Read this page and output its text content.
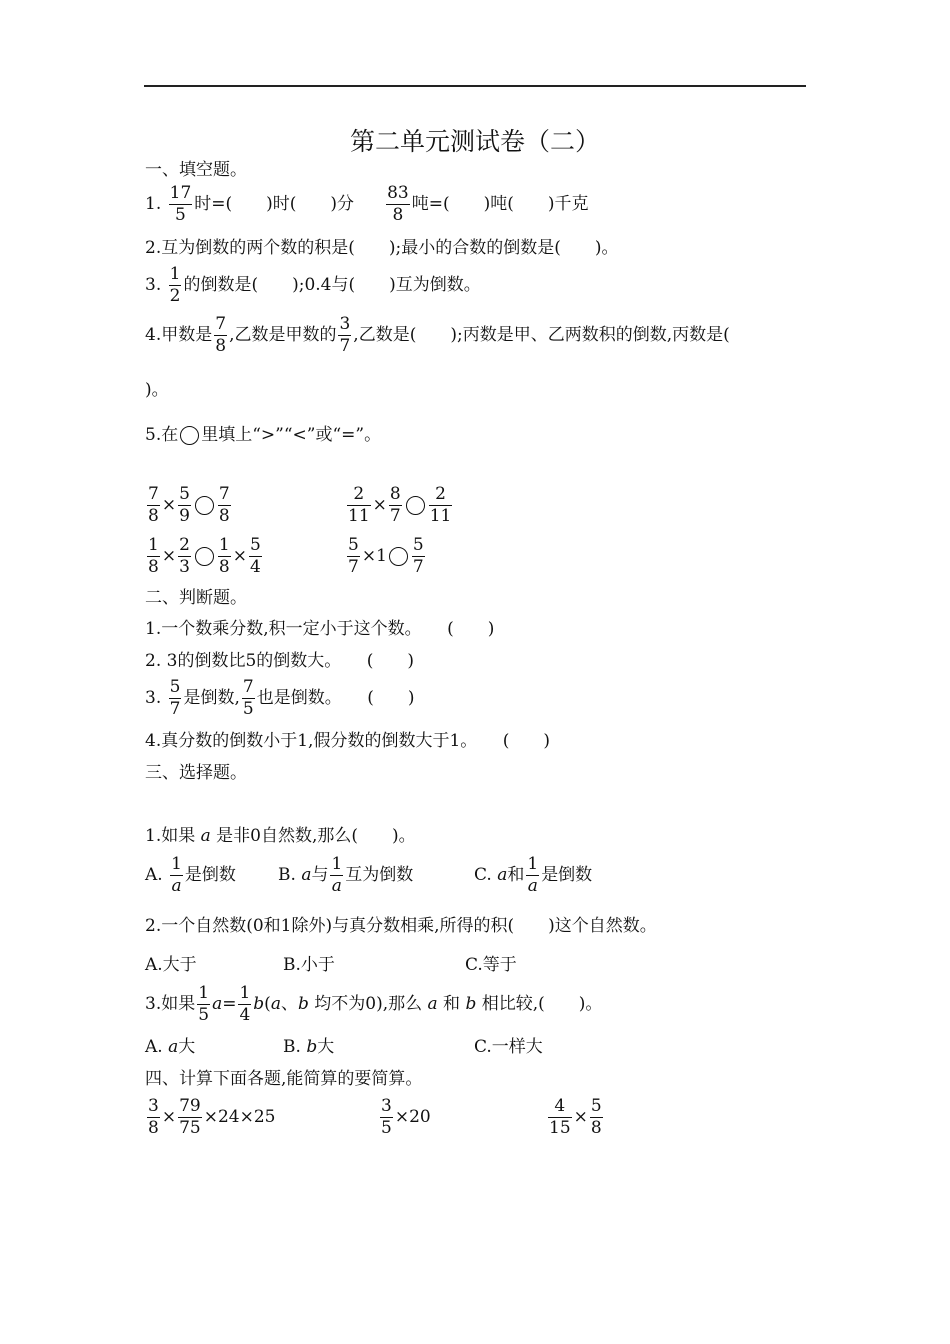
第二单元测试卷（二）
一、填空题。
1. $\frac{17}{5}$ 时=(　　)时(　　)分 $\frac{83}{8}$ 吨=(　　)吨(　　)千克
2.互为倒数的两个数的积是(　　);最小的合数的倒数是(　　)。
3. $\frac{1}{2}$ 的倒数是(　　);0.4与(　　)互为倒数。
4.甲数是 $\frac{7}{8}$ ,乙数是甲数的 $\frac{3}{7}$ ,乙数是(　　);丙数是甲、乙两数积的倒数,丙数是(
)。
5.在 里填上“>”“<”或“=”。
$\frac{7}{8} \times \frac{5}{9} \frac{7}{8}$	$\frac{2}{11} \times \frac{8}{7} \frac{2}{11}$
$\frac{1}{8} \times \frac{2}{3} \frac{1}{8} \times \frac{5}{4}$	$\frac{5}{7} \times 1 \frac{5}{7}$
二、判断题。
1.一个数乘分数,积一定小于这个数。　　(　　)
2. 3的倒数比5的倒数大。　　(　　)
3. $\frac{5}{7}$ 是倒数, $\frac{7}{5}$ 也是倒数。　　(　　)
4.真分数的倒数小于1,假分数的倒数大于1。　　(　　)
三、选择题。
1.如果 a 是非0自然数,那么(　　)。
A. $\frac{1}{a}$ 是倒数 B. a与 $\frac{1}{a}$ 互为倒数	C. a和 $\frac{1}{a}$ 是倒数
2.一个自然数(0和1除外)与真分数相乘,所得的积(　　)这个自然数。
A.大于	B.小于	C.等于
3.如果 $\frac{1}{5} a= \frac{1}{4} b(a$、b 均不为0),那么 a 和 b 相比较,(　　)。
A. a大	B. b大	C.一样大
四、计算下面各题,能简算的要简算。
$\frac{3}{8} \times \frac{79}{75} \times 24\times 25$	$\frac{3}{5} \times 20$	$\frac{4}{15} \times \frac{5}{8}$
